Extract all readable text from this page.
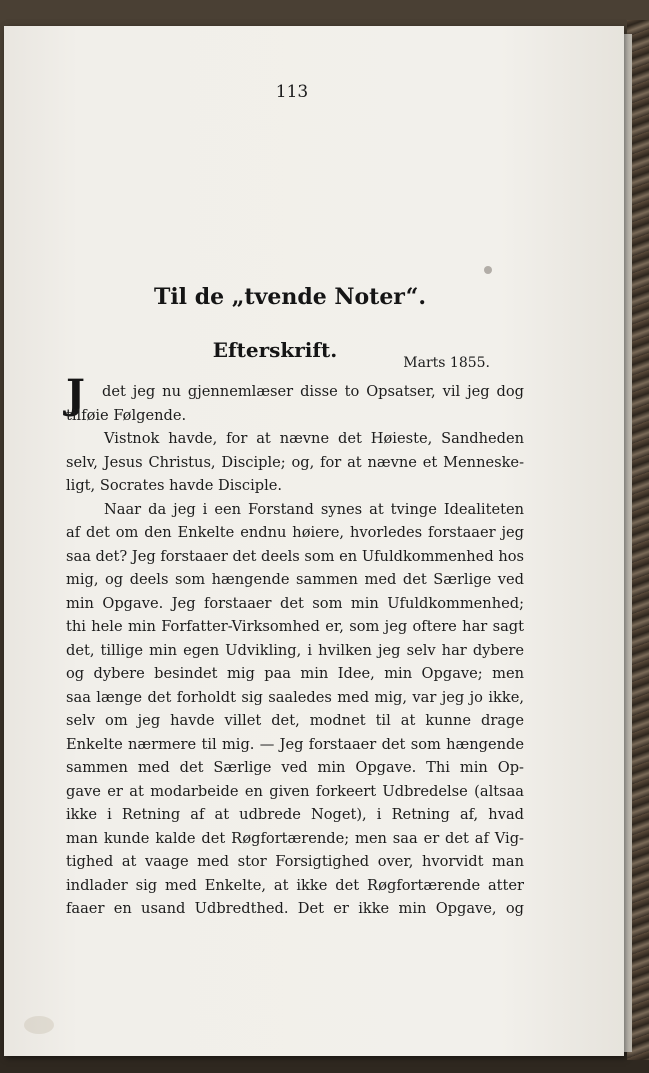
113
Til de „tvende Noter“.
Efterskrift.
Marts 1855.
J	det jeg nu gjennemlæser disse to Opsatser, vil jeg dog
tilføie Følgende.
Vistnok havde, for at nævne det Høieste, Sandheden
selv, Jesus Christus, Disciple; og, for at nævne et Menneske-
ligt, Socrates havde Disciple.
Naar da jeg i een Forstand synes at tvinge Idealiteten
af det om den Enkelte endnu høiere, hvorledes forstaaer jeg
saa det? Jeg forstaaer det deels som en Ufuldkommenhed hos
mig, og deels som hængende sammen med det Særlige ved
min Opgave. Jeg forstaaer det som min Ufuldkommenhed;
thi hele min Forfatter-Virksomhed er, som jeg oftere har sagt
det, tillige min egen Udvikling, i hvilken jeg selv har dybere
og dybere besindet mig paa min Idee, min Opgave; men
saa længe det forholdt sig saaledes med mig, var jeg jo ikke,
selv om jeg havde villet det, modnet til at kunne drage
Enkelte nærmere til mig. — Jeg forstaaer det som hængende
sammen med det Særlige ved min Opgave. Thi min Op-
gave er at modarbeide en given forkeert Udbredelse (altsaa
ikke i Retning af at udbrede Noget), i Retning af, hvad
man kunde kalde det Røgfortærende; men saa er det af Vig-
tighed at vaage med stor Forsigtighed over, hvorvidt man
indlader sig med Enkelte, at ikke det Røgfortærende atter
faaer en usand Udbredthed. Det er ikke min Opgave, og
